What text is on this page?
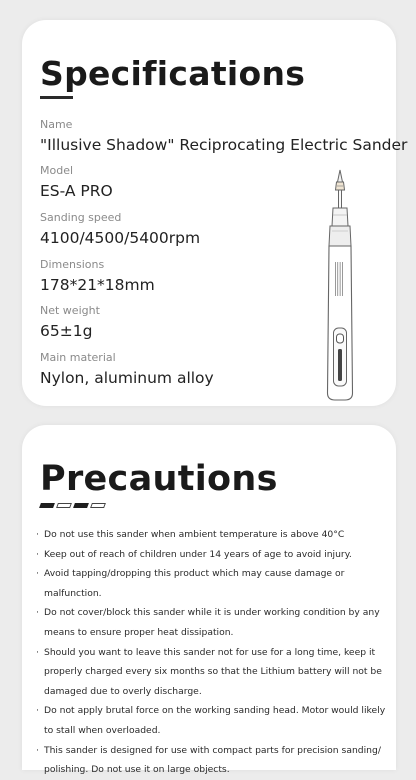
Specifications
Name
"Illusive Shadow" Reciprocating Electric Sander
Model
ES-A PRO
Sanding speed
4100/4500/5400rpm
Dimensions
178*21*18mm
Net weight
65±1g
Main material
Nylon, aluminum alloy
Precautions
· Do not use this sander when ambient temperature is above 40°C
· Keep out of reach of children under 14 years of age to avoid injury.
· Avoid tapping/dropping this product which may cause damage or malfunction.
· Do not cover/block this sander while it is under working condition by any means to ensure proper heat dissipation.
· Should you want to leave this sander not for use for a long time, keep it properly charged every six months so that the Lithium battery will not be damaged due to overly discharge.
· Do not apply brutal force on the working sanding head. Motor would likely to stall when overloaded.
· This sander is designed for use with compact parts for precision sanding/ polishing. Do not use it on large objects.
